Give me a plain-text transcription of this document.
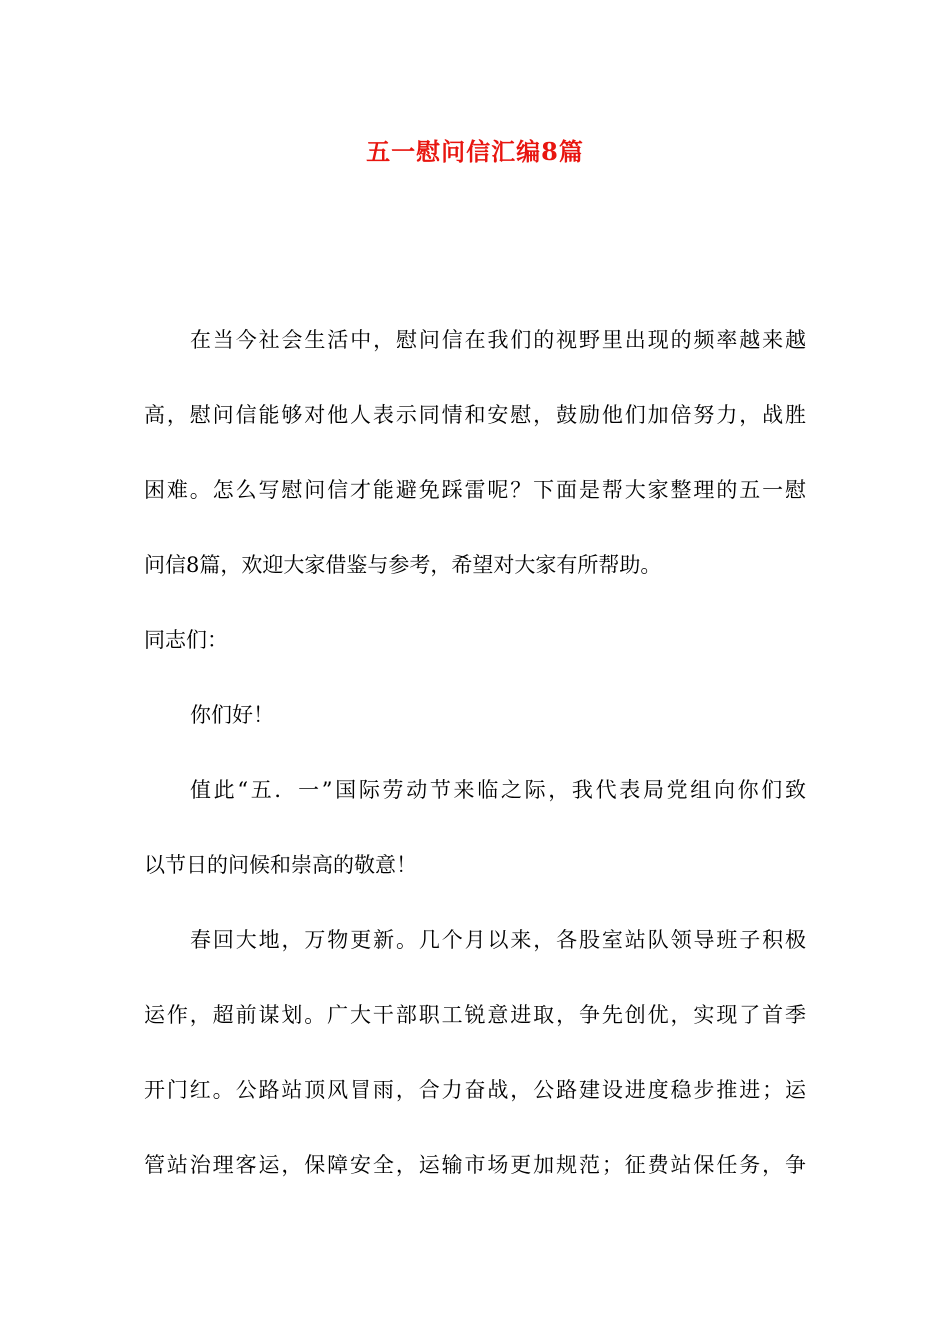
五一慰问信汇编8篇
在当今社会生活中，慰问信在我们的视野里出现的频率越来越
高，慰问信能够对他人表示同情和安慰，鼓励他们加倍努力，战胜
困难。怎么写慰问信才能避免踩雷呢？下面是帮大家整理的五一慰
问信8篇，欢迎大家借鉴与参考，希望对大家有所帮助。
同志们：
你们好！
值此“五．一”国际劳动节来临之际，我代表局党组向你们致
以节日的问候和崇高的敬意！
春回大地，万物更新。几个月以来，各股室站队领导班子积极
运作，超前谋划。广大干部职工锐意进取，争先创优，实现了首季
开门红。公路站顶风冒雨，合力奋战，公路建设进度稳步推进；运
管站治理客运，保障安全，运输市场更加规范；征费站保任务，争
